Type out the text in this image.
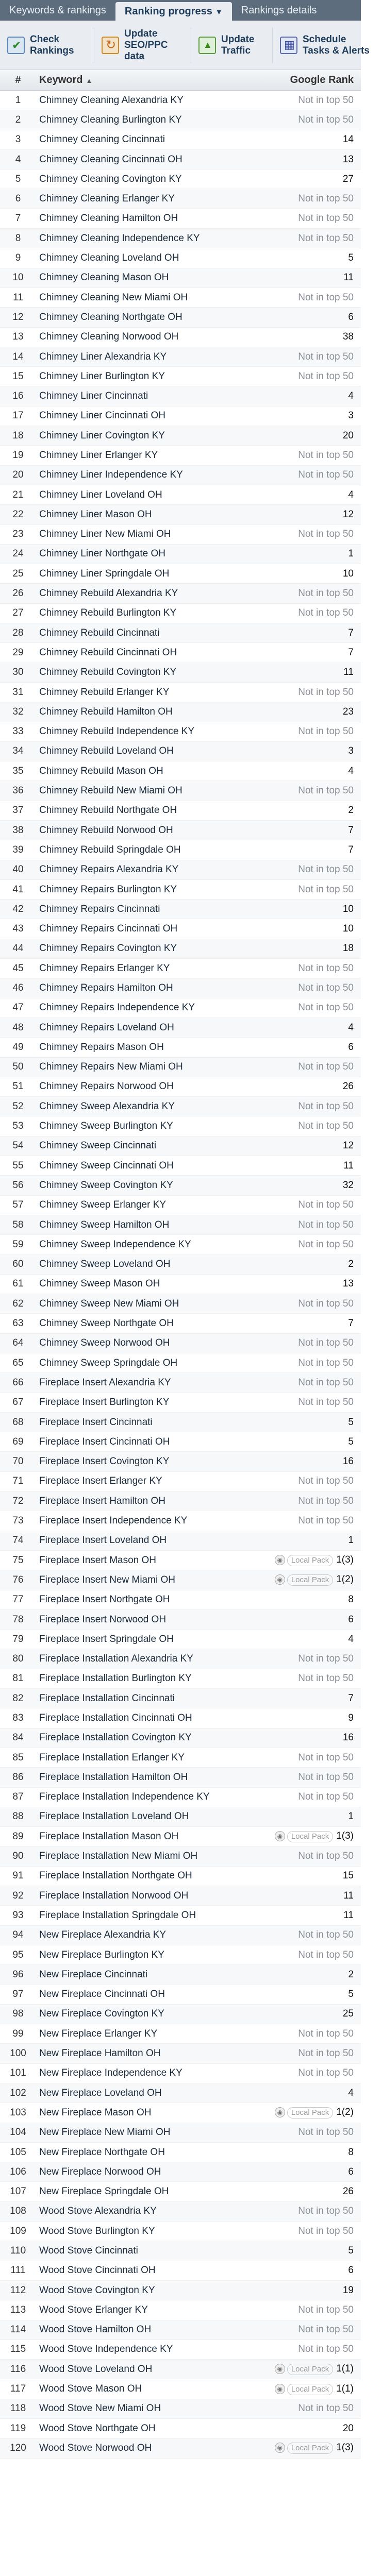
Keywords & rankings	Ranking progress ▼	Rankings details
✔
Check Rankings
↻
Update SEO/PPC data
▲
Update Traffic
▦
Schedule Tasks & Alerts
#	Keyword ▲	Google Rank
1	Chimney Cleaning Alexandria KY	Not in top 50
2	Chimney Cleaning Burlington KY	Not in top 50
3	Chimney Cleaning Cincinnati	14
4	Chimney Cleaning Cincinnati OH	13
5	Chimney Cleaning Covington KY	27
6	Chimney Cleaning Erlanger KY	Not in top 50
7	Chimney Cleaning Hamilton OH	Not in top 50
8	Chimney Cleaning Independence KY	Not in top 50
9	Chimney Cleaning Loveland OH	5
10	Chimney Cleaning Mason OH	11
11	Chimney Cleaning New Miami OH	Not in top 50
12	Chimney Cleaning Northgate OH	6
13	Chimney Cleaning Norwood OH	38
14	Chimney Liner Alexandria KY	Not in top 50
15	Chimney Liner Burlington KY	Not in top 50
16	Chimney Liner Cincinnati	4
17	Chimney Liner Cincinnati OH	3
18	Chimney Liner Covington KY	20
19	Chimney Liner Erlanger KY	Not in top 50
20	Chimney Liner Independence KY	Not in top 50
21	Chimney Liner Loveland OH	4
22	Chimney Liner Mason OH	12
23	Chimney Liner New Miami OH	Not in top 50
24	Chimney Liner Northgate OH	1
25	Chimney Liner Springdale OH	10
26	Chimney Rebuild Alexandria KY	Not in top 50
27	Chimney Rebuild Burlington KY	Not in top 50
28	Chimney Rebuild Cincinnati	7
29	Chimney Rebuild Cincinnati OH	7
30	Chimney Rebuild Covington KY	11
31	Chimney Rebuild Erlanger KY	Not in top 50
32	Chimney Rebuild Hamilton OH	23
33	Chimney Rebuild Independence KY	Not in top 50
34	Chimney Rebuild Loveland OH	3
35	Chimney Rebuild Mason OH	4
36	Chimney Rebuild New Miami OH	Not in top 50
37	Chimney Rebuild Northgate OH	2
38	Chimney Rebuild Norwood OH	7
39	Chimney Rebuild Springdale OH	7
40	Chimney Repairs Alexandria KY	Not in top 50
41	Chimney Repairs Burlington KY	Not in top 50
42	Chimney Repairs Cincinnati	10
43	Chimney Repairs Cincinnati OH	10
44	Chimney Repairs Covington KY	18
45	Chimney Repairs Erlanger KY	Not in top 50
46	Chimney Repairs Hamilton OH	Not in top 50
47	Chimney Repairs Independence KY	Not in top 50
48	Chimney Repairs Loveland OH	4
49	Chimney Repairs Mason OH	6
50	Chimney Repairs New Miami OH	Not in top 50
51	Chimney Repairs Norwood OH	26
52	Chimney Sweep Alexandria KY	Not in top 50
53	Chimney Sweep Burlington KY	Not in top 50
54	Chimney Sweep Cincinnati	12
55	Chimney Sweep Cincinnati OH	11
56	Chimney Sweep Covington KY	32
57	Chimney Sweep Erlanger KY	Not in top 50
58	Chimney Sweep Hamilton OH	Not in top 50
59	Chimney Sweep Independence KY	Not in top 50
60	Chimney Sweep Loveland OH	2
61	Chimney Sweep Mason OH	13
62	Chimney Sweep New Miami OH	Not in top 50
63	Chimney Sweep Northgate OH	7
64	Chimney Sweep Norwood OH	Not in top 50
65	Chimney Sweep Springdale OH	Not in top 50
66	Fireplace Insert Alexandria KY	Not in top 50
67	Fireplace Insert Burlington KY	Not in top 50
68	Fireplace Insert Cincinnati	5
69	Fireplace Insert Cincinnati OH	5
70	Fireplace Insert Covington KY	16
71	Fireplace Insert Erlanger KY	Not in top 50
72	Fireplace Insert Hamilton OH	Not in top 50
73	Fireplace Insert Independence KY	Not in top 50
74	Fireplace Insert Loveland OH	1
75	Fireplace Insert Mason OH	◉ Local Pack 1(3)
76	Fireplace Insert New Miami OH	◉ Local Pack 1(2)
77	Fireplace Insert Northgate OH	8
78	Fireplace Insert Norwood OH	6
79	Fireplace Insert Springdale OH	4
80	Fireplace Installation Alexandria KY	Not in top 50
81	Fireplace Installation Burlington KY	Not in top 50
82	Fireplace Installation Cincinnati	7
83	Fireplace Installation Cincinnati OH	9
84	Fireplace Installation Covington KY	16
85	Fireplace Installation Erlanger KY	Not in top 50
86	Fireplace Installation Hamilton OH	Not in top 50
87	Fireplace Installation Independence KY	Not in top 50
88	Fireplace Installation Loveland OH	1
89	Fireplace Installation Mason OH	◉ Local Pack 1(3)
90	Fireplace Installation New Miami OH	Not in top 50
91	Fireplace Installation Northgate OH	15
92	Fireplace Installation Norwood OH	11
93	Fireplace Installation Springdale OH	11
94	New Fireplace Alexandria KY	Not in top 50
95	New Fireplace Burlington KY	Not in top 50
96	New Fireplace Cincinnati	2
97	New Fireplace Cincinnati OH	5
98	New Fireplace Covington KY	25
99	New Fireplace Erlanger KY	Not in top 50
100	New Fireplace Hamilton OH	Not in top 50
101	New Fireplace Independence KY	Not in top 50
102	New Fireplace Loveland OH	4
103	New Fireplace Mason OH	◉ Local Pack 1(2)
104	New Fireplace New Miami OH	Not in top 50
105	New Fireplace Northgate OH	8
106	New Fireplace Norwood OH	6
107	New Fireplace Springdale OH	26
108	Wood Stove Alexandria KY	Not in top 50
109	Wood Stove Burlington KY	Not in top 50
110	Wood Stove Cincinnati	5
111	Wood Stove Cincinnati OH	6
112	Wood Stove Covington KY	19
113	Wood Stove Erlanger KY	Not in top 50
114	Wood Stove Hamilton OH	Not in top 50
115	Wood Stove Independence KY	Not in top 50
116	Wood Stove Loveland OH	◉ Local Pack 1(1)
117	Wood Stove Mason OH	◉ Local Pack 1(1)
118	Wood Stove New Miami OH	Not in top 50
119	Wood Stove Northgate OH	20
120	Wood Stove Norwood OH	◉ Local Pack 1(3)
